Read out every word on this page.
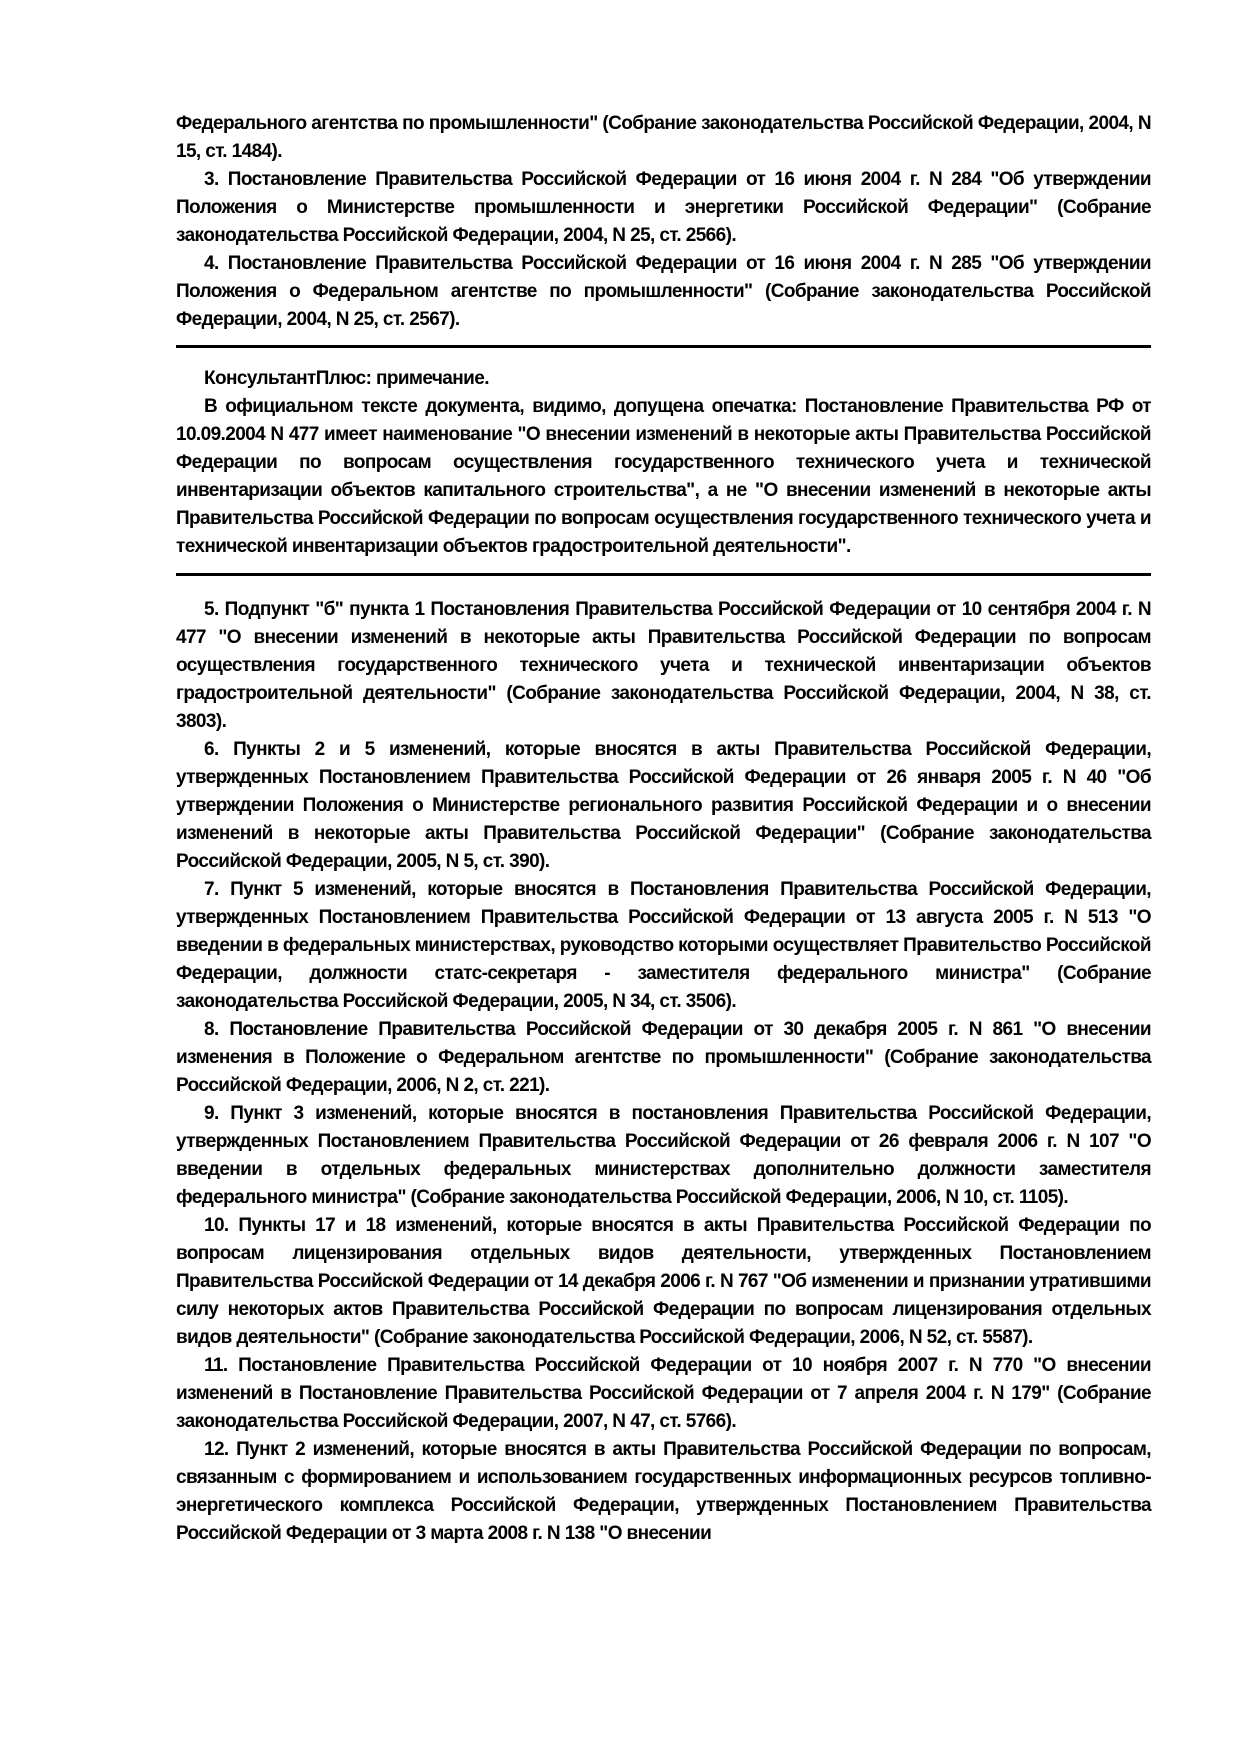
Федерального агентства по промышленности" (Собрание законодательства Российской Федерации, 2004, N 15, ст. 1484).

3. Постановление Правительства Российской Федерации от 16 июня 2004 г. N 284 "Об утверждении Положения о Министерстве промышленности и энергетики Российской Федерации" (Собрание законодательства Российской Федерации, 2004, N 25, ст. 2566).

4. Постановление Правительства Российской Федерации от 16 июня 2004 г. N 285 "Об утверждении Положения о Федеральном агентстве по промышленности" (Собрание законодательства Российской Федерации, 2004, N 25, ст. 2567).

КонсультантПлюс: примечание.

В официальном тексте документа, видимо, допущена опечатка: Постановление Правительства РФ от 10.09.2004 N 477 имеет наименование "О внесении изменений в некоторые акты Правительства Российской Федерации по вопросам осуществления государственного технического учета и технической инвентаризации объектов капитального строительства", а не "О внесении изменений в некоторые акты Правительства Российской Федерации по вопросам осуществления государственного технического учета и технической инвентаризации объектов градостроительной деятельности".

5. Подпункт "б" пункта 1 Постановления Правительства Российской Федерации от 10 сентября 2004 г. N 477 "О внесении изменений в некоторые акты Правительства Российской Федерации по вопросам осуществления государственного технического учета и технической инвентаризации объектов градостроительной деятельности" (Собрание законодательства Российской Федерации, 2004, N 38, ст. 3803).

6. Пункты 2 и 5 изменений, которые вносятся в акты Правительства Российской Федерации, утвержденных Постановлением Правительства Российской Федерации от 26 января 2005 г. N 40 "Об утверждении Положения о Министерстве регионального развития Российской Федерации и о внесении изменений в некоторые акты Правительства Российской Федерации" (Собрание законодательства Российской Федерации, 2005, N 5, ст. 390).

7. Пункт 5 изменений, которые вносятся в Постановления Правительства Российской Федерации, утвержденных Постановлением Правительства Российской Федерации от 13 августа 2005 г. N 513 "О введении в федеральных министерствах, руководство которыми осуществляет Правительство Российской Федерации, должности статс-секретаря - заместителя федерального министра" (Собрание законодательства Российской Федерации, 2005, N 34, ст. 3506).

8. Постановление Правительства Российской Федерации от 30 декабря 2005 г. N 861 "О внесении изменения в Положение о Федеральном агентстве по промышленности" (Собрание законодательства Российской Федерации, 2006, N 2, ст. 221).

9. Пункт 3 изменений, которые вносятся в постановления Правительства Российской Федерации, утвержденных Постановлением Правительства Российской Федерации от 26 февраля 2006 г. N 107 "О введении в отдельных федеральных министерствах дополнительно должности заместителя федерального министра" (Собрание законодательства Российской Федерации, 2006, N 10, ст. 1105).

10. Пункты 17 и 18 изменений, которые вносятся в акты Правительства Российской Федерации по вопросам лицензирования отдельных видов деятельности, утвержденных Постановлением Правительства Российской Федерации от 14 декабря 2006 г. N 767 "Об изменении и признании утратившими силу некоторых актов Правительства Российской Федерации по вопросам лицензирования отдельных видов деятельности" (Собрание законодательства Российской Федерации, 2006, N 52, ст. 5587).

11. Постановление Правительства Российской Федерации от 10 ноября 2007 г. N 770 "О внесении изменений в Постановление Правительства Российской Федерации от 7 апреля 2004 г. N 179" (Собрание законодательства Российской Федерации, 2007, N 47, ст. 5766).

12. Пункт 2 изменений, которые вносятся в акты Правительства Российской Федерации по вопросам, связанным с формированием и использованием государственных информационных ресурсов топливно-энергетического комплекса Российской Федерации, утвержденных Постановлением Правительства Российской Федерации от 3 марта 2008 г. N 138 "О внесении
